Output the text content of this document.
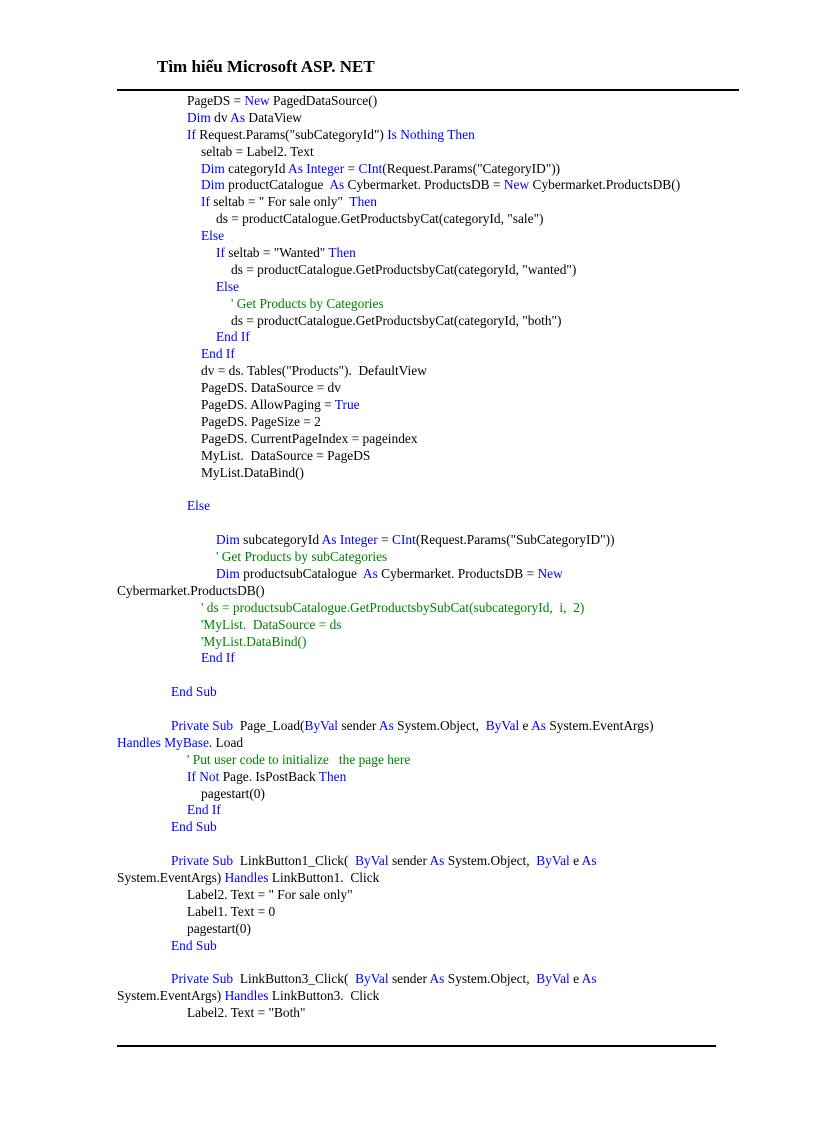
Tìm hiểu Microsoft ASP. NET
PageDS = New PagedDataSource()
Dim dv As DataView
If Request.Params("subCategoryId") Is Nothing Then
seltab = Label2. Text
Dim categoryId As Integer = CInt(Request.Params("CategoryID"))
Dim productCatalogue  As Cybermarket. ProductsDB = New Cybermarket.ProductsDB()
If seltab = " For sale only"  Then
ds = productCatalogue.GetProductsbyCat(categoryId, "sale")
Else
If seltab = "Wanted" Then
ds = productCatalogue.GetProductsbyCat(categoryId, "wanted")
Else
' Get Products by Categories
ds = productCatalogue.GetProductsbyCat(categoryId, "both")
End If
End If
dv = ds. Tables("Products").  DefaultView
PageDS. DataSource = dv
PageDS. AllowPaging = True
PageDS. PageSize = 2
PageDS. CurrentPageIndex = pageindex
MyList.  DataSource = PageDS
MyList.DataBind()

Else

Dim subcategoryId As Integer = CInt(Request.Params("SubCategoryID"))
' Get Products by subCategories
Dim productsubCatalogue  As Cybermarket. ProductsDB = New
Cybermarket.ProductsDB()
' ds = productsubCatalogue.GetProductsbySubCat(subcategoryId,  i,  2)
'MyList.  DataSource = ds
'MyList.DataBind()
End If

End Sub

Private Sub  Page_Load(ByVal sender As System.Object,  ByVal e As System.EventArgs)
Handles MyBase. Load
' Put user code to initialize   the page here
If Not Page. IsPostBack Then
pagestart(0)
End If
End Sub

Private Sub  LinkButton1_Click(  ByVal sender As System.Object,  ByVal e As
System.EventArgs) Handles LinkButton1.  Click
Label2. Text = " For sale only"
Label1. Text = 0
pagestart(0)
End Sub

Private Sub  LinkButton3_Click(  ByVal sender As System.Object,  ByVal e As
System.EventArgs) Handles LinkButton3.  Click
Label2. Text = "Both"
